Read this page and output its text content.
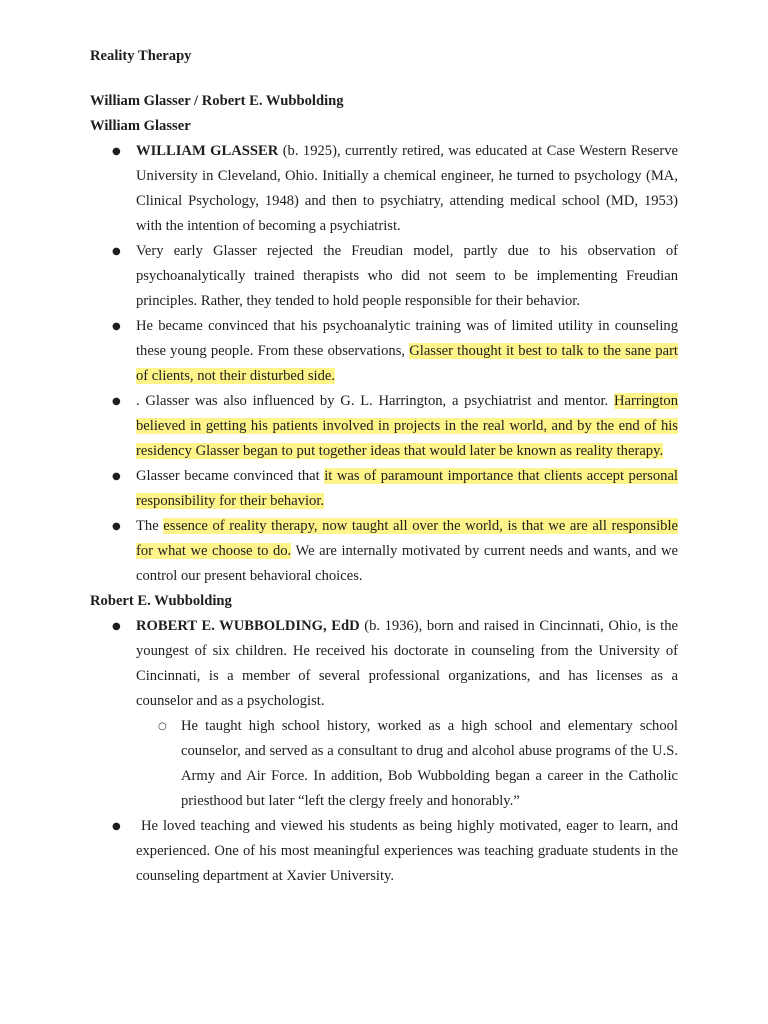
Reality Therapy

William Glasser / Robert E. Wubbolding

William Glasser

● WILLIAM GLASSER (b. 1925), currently retired, was educated at Case Western Reserve University in Cleveland, Ohio. Initially a chemical engineer, he turned to psychology (MA, Clinical Psychology, 1948) and then to psychiatry, attending medical school (MD, 1953) with the intention of becoming a psychiatrist.
● Very early Glasser rejected the Freudian model, partly due to his observation of psychoanalytically trained therapists who did not seem to be implementing Freudian principles. Rather, they tended to hold people responsible for their behavior.
● He became convinced that his psychoanalytic training was of limited utility in counseling these young people. From these observations, Glasser thought it best to talk to the sane part of clients, not their disturbed side.
● . Glasser was also influenced by G. L. Harrington, a psychiatrist and mentor. Harrington believed in getting his patients involved in projects in the real world, and by the end of his residency Glasser began to put together ideas that would later be known as reality therapy.
● Glasser became convinced that it was of paramount importance that clients accept personal responsibility for their behavior.
● The essence of reality therapy, now taught all over the world, is that we are all responsible for what we choose to do. We are internally motivated by current needs and wants, and we control our present behavioral choices.

Robert E. Wubbolding

● ROBERT E. WUBBOLDING, EdD (b. 1936), born and raised in Cincinnati, Ohio, is the youngest of six children. He received his doctorate in counseling from the University of Cincinnati, is a member of several professional organizations, and has licenses as a counselor and as a psychologist.
○ He taught high school history, worked as a high school and elementary school counselor, and served as a consultant to drug and alcohol abuse programs of the U.S. Army and Air Force. In addition, Bob Wubbolding began a career in the Catholic priesthood but later “left the clergy freely and honorably.”
●  He loved teaching and viewed his students as being highly motivated, eager to learn, and experienced. One of his most meaningful experiences was teaching graduate students in the counseling department at Xavier University.
